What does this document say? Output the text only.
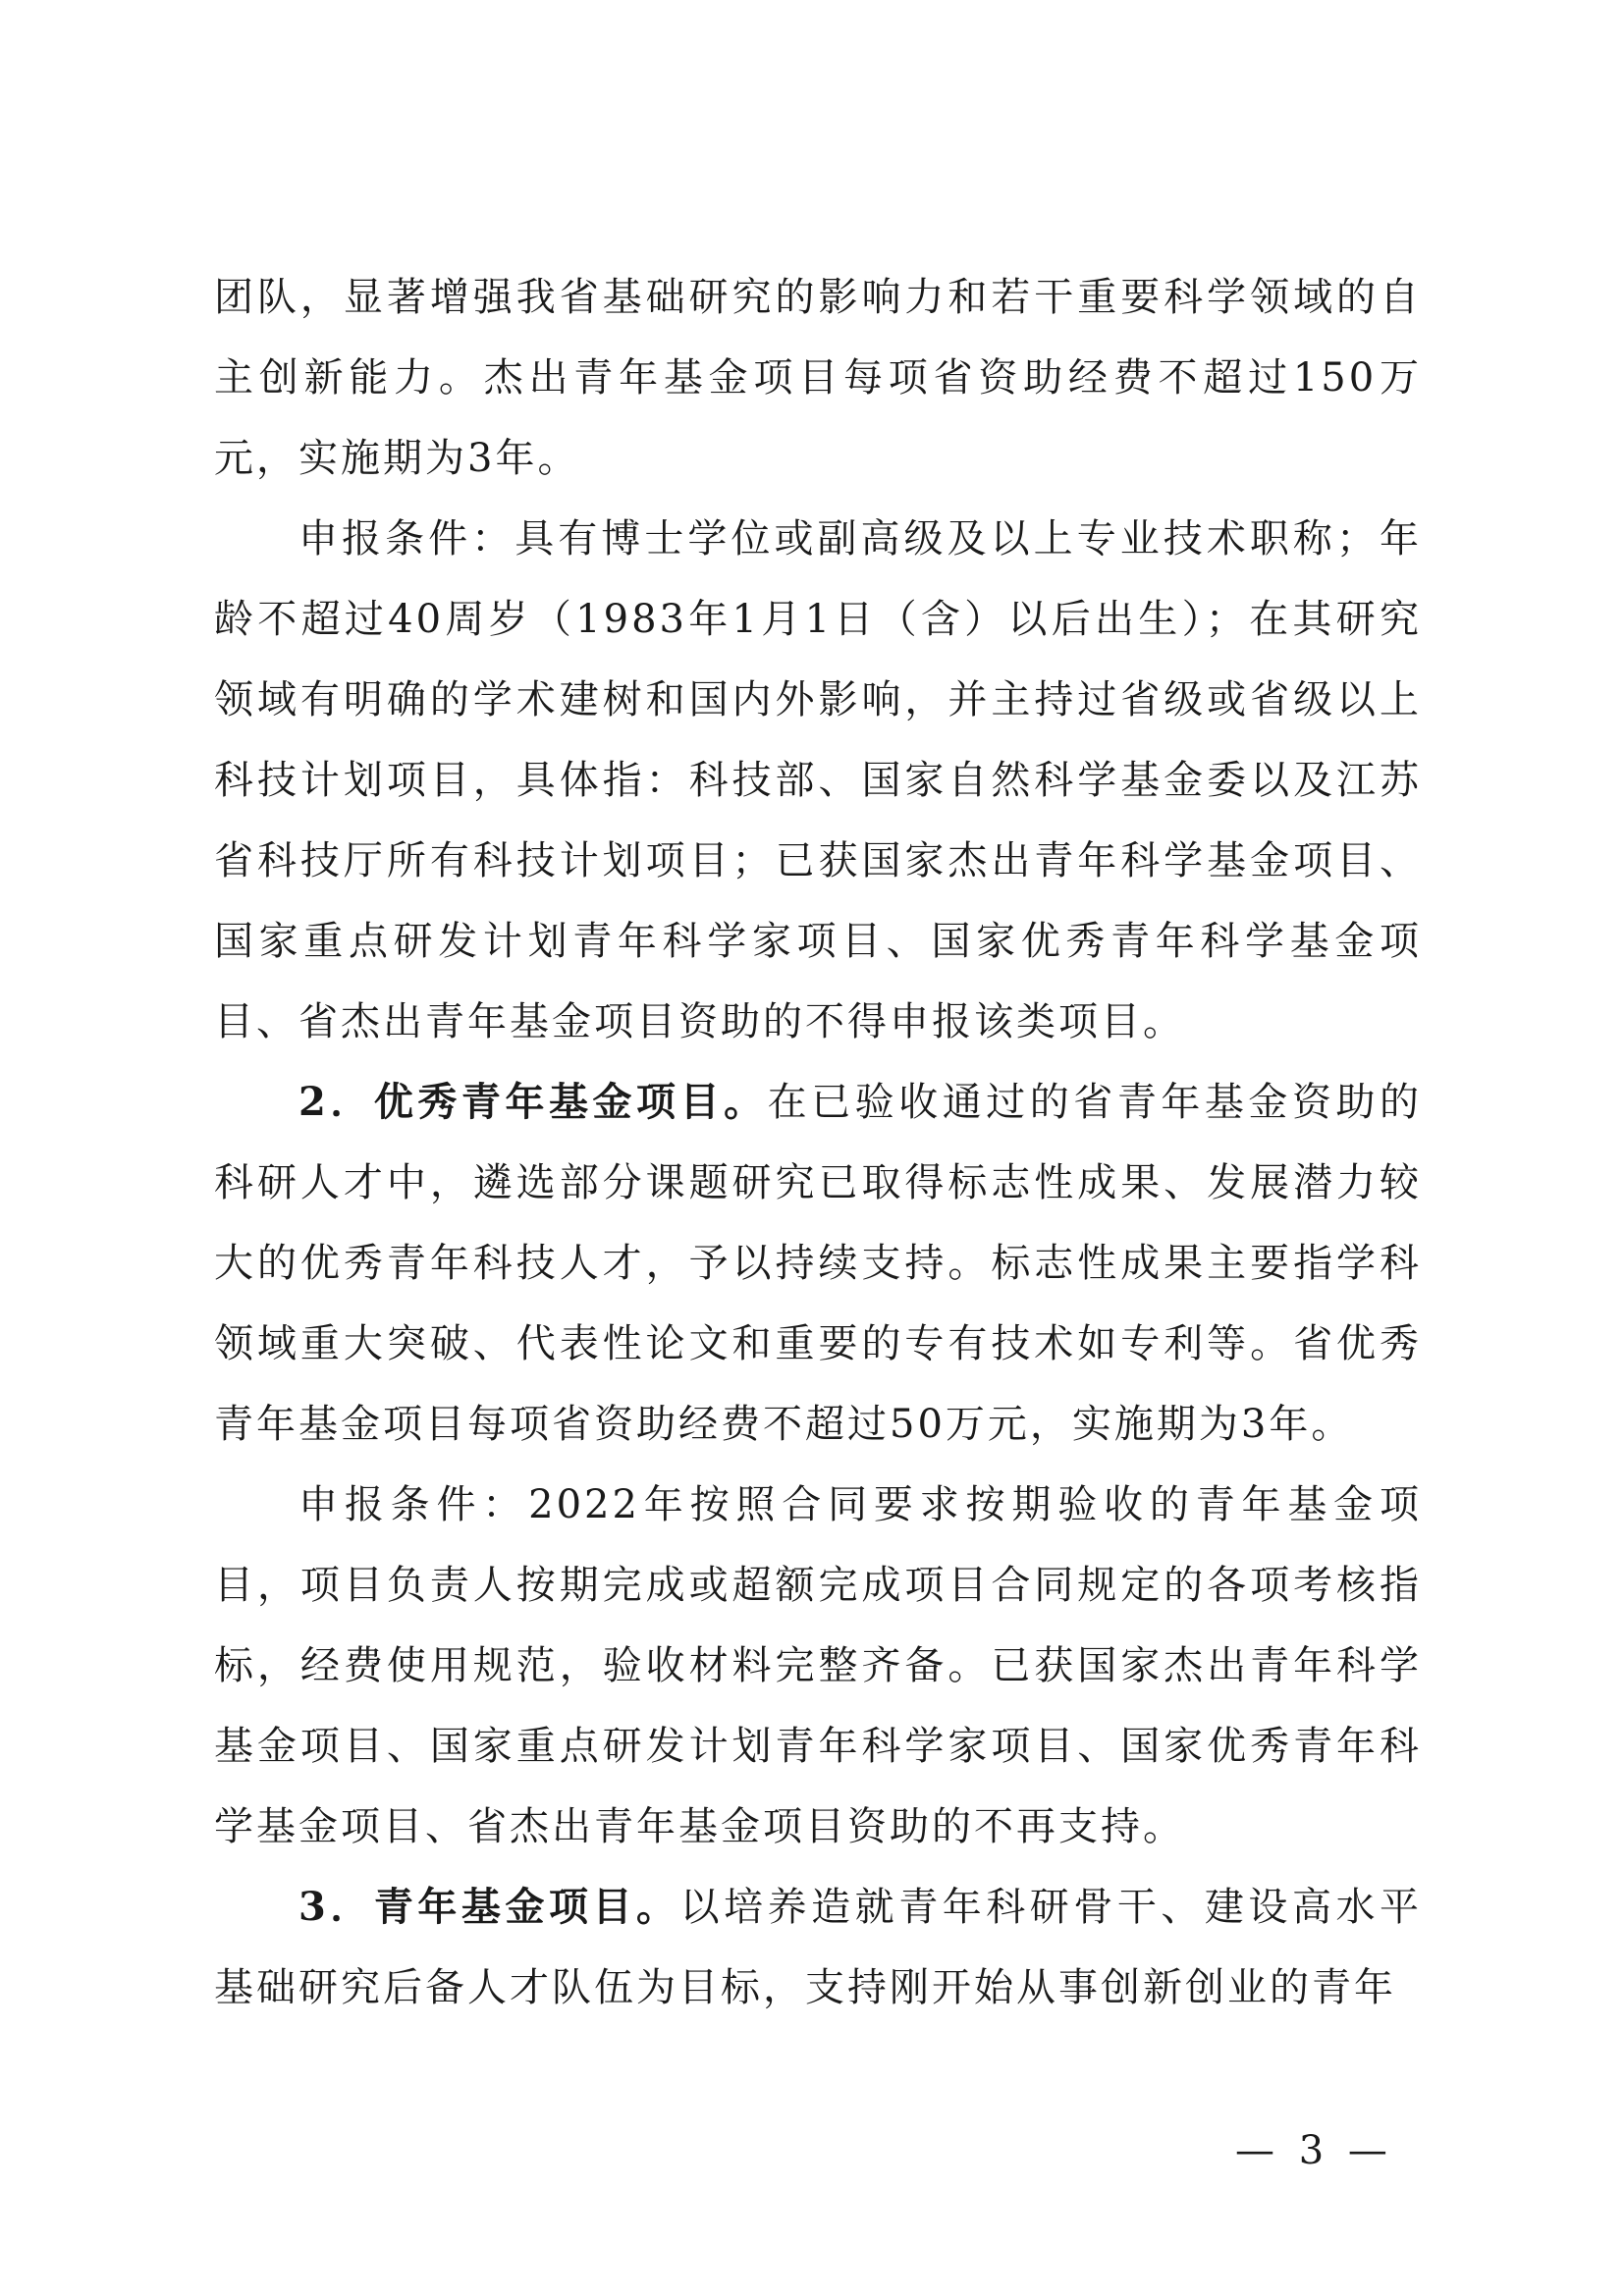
团队，显著增强我省基础研究的影响力和若干重要科学领域的自主创新能力。杰出青年基金项目每项省资助经费不超过150万元，实施期为3年。

申报条件：具有博士学位或副高级及以上专业技术职称；年龄不超过40周岁（1983年1月1日（含）以后出生）；在其研究领域有明确的学术建树和国内外影响，并主持过省级或省级以上科技计划项目，具体指：科技部、国家自然科学基金委以及江苏省科技厅所有科技计划项目；已获国家杰出青年科学基金项目、国家重点研发计划青年科学家项目、国家优秀青年科学基金项目、省杰出青年基金项目资助的不得申报该类项目。

2．优秀青年基金项目。在已验收通过的省青年基金资助的科研人才中，遴选部分课题研究已取得标志性成果、发展潜力较大的优秀青年科技人才，予以持续支持。标志性成果主要指学科领域重大突破、代表性论文和重要的专有技术如专利等。省优秀青年基金项目每项省资助经费不超过50万元，实施期为3年。

申报条件：2022年按照合同要求按期验收的青年基金项目，项目负责人按期完成或超额完成项目合同规定的各项考核指标，经费使用规范，验收材料完整齐备。已获国家杰出青年科学基金项目、国家重点研发计划青年科学家项目、国家优秀青年科学基金项目、省杰出青年基金项目资助的不再支持。

3．青年基金项目。以培养造就青年科研骨干、建设高水平基础研究后备人才队伍为目标，支持刚开始从事创新创业的青年

— 3 —
